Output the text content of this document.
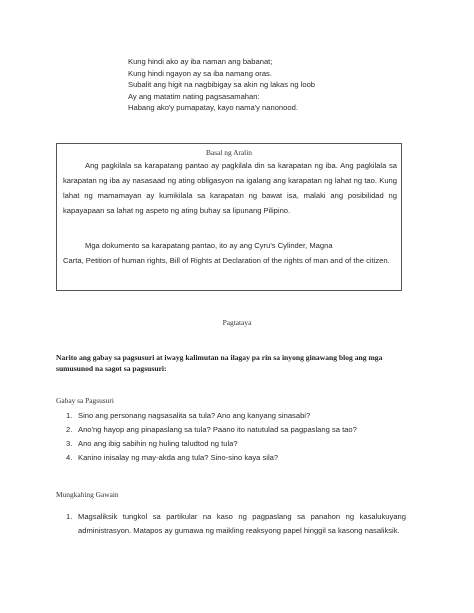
Kung hindi ako ay iba naman ang babanat;
Kung hindi ngayon ay sa iba namang oras.
Subalit ang higit na nagbibigay sa akin ng lakas ng loob
Ay ang matatim nating pagsasamahan:
Habang ako'y pumapatay, kayo nama'y nanonood.
Basal ng Aralin
Ang pagkilala sa karapatang pantao ay pagkilala din sa karapatan ng iba. Ang pagkilala sa karapatan ng iba ay nasasaad ng ating obligasyon na igalang ang karapatan ng lahat ng tao. Kung lahat ng mamamayan ay kumikilala sa karapatan ng bawat isa, malaki ang posibilidad ng kapayapaan sa lahat ng aspeto ng ating buhay sa lipunang Pilipino.
Mga dokumento sa karapatang pantao, ito ay ang Cyru's Cylinder, Magna
Carta, Petition of human rights, Bill of Rights at Declaration of the rights of man and of the citizen.
Pagtataya
Narito ang gabay sa pagsusuri at iwayg kalimutan na ilagay pa rin sa inyong ginawang blog ang mga sumusunod na sagot sa pagsusuri:
Gabay sa Pagsusuri
1. Sino ang personang nagsasalita sa tula? Ano ang kanyang sinasabi?
2. Ano'ng hayop ang pinapaslang sa tula? Paano ito natutulad sa pagpaslang sa tao?
3. Ano ang ibig sabihin ng huling taludtod ng tula?
4. Kanino inisalay ng may-akda ang tula? Sino-sino kaya sila?
Mungkahing Gawain
1. Magsaliksik tungkol sa partikular na kaso ng pagpaslang sa panahon ng kasalukuyang administrasyon. Matapos ay gumawa ng maikling reaksyong papel hinggil sa kasong nasaliksik.
